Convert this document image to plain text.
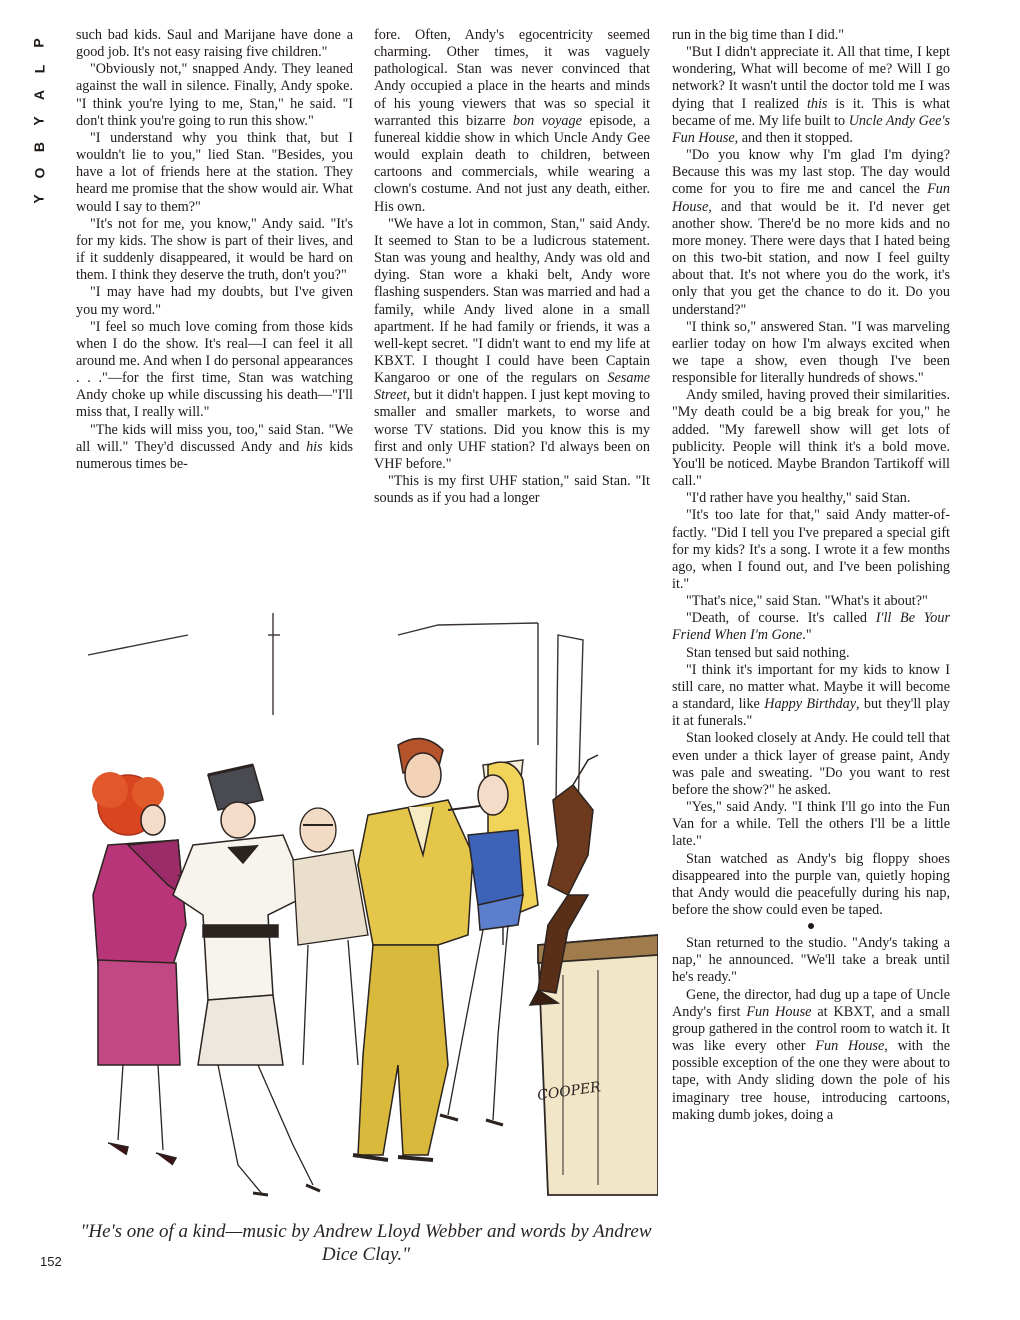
P
L
A
Y
B
O
Y

such bad kids. Saul and Marijane have done a good job. It's not easy raising five children."

"Obviously not," snapped Andy. They leaned against the wall in silence. Finally, Andy spoke. "I think you're lying to me, Stan," he said. "I don't think you're going to run this show."

"I understand why you think that, but I wouldn't lie to you," lied Stan. "Besides, you have a lot of friends here at the station. They heard me promise that the show would air. What would I say to them?"

"It's not for me, you know," Andy said. "It's for my kids. The show is part of their lives, and if it suddenly disappeared, it would be hard on them. I think they deserve the truth, don't you?"

"I may have had my doubts, but I've given you my word."

"I feel so much love coming from those kids when I do the show. It's real—I can feel it all around me. And when I do personal appearances . . ."—for the first time, Stan was watching Andy choke up while discussing his death—"I'll miss that, I really will."

"The kids will miss you, too," said Stan. "We all will." They'd discussed Andy and his kids numerous times be-

fore. Often, Andy's egocentricity seemed charming. Other times, it was vaguely pathological. Stan was never convinced that Andy occupied a place in the hearts and minds of his young viewers that was so special it warranted this bizarre bon voyage episode, a funereal kiddie show in which Uncle Andy Gee would explain death to children, between cartoons and commercials, while wearing a clown's costume. And not just any death, either. His own.

"We have a lot in common, Stan," said Andy. It seemed to Stan to be a ludicrous statement. Stan was young and healthy, Andy was old and dying. Stan wore a khaki belt, Andy wore flashing suspenders. Stan was married and had a family, while Andy lived alone in a small apartment. If he had family or friends, it was a well-kept secret. "I didn't want to end my life at KBXT. I thought I could have been Captain Kangaroo or one of the regulars on Sesame Street, but it didn't happen. I just kept moving to smaller and smaller markets, to worse and worse TV stations. Did you know this is my first and only UHF station? I'd always been on VHF before."

"This is my first UHF station," said Stan. "It sounds as if you had a longer

run in the big time than I did."

"But I didn't appreciate it. All that time, I kept wondering, What will become of me? Will I go network? It wasn't until the doctor told me I was dying that I realized this is it. This is what became of me. My life built to Uncle Andy Gee's Fun House, and then it stopped.

"Do you know why I'm glad I'm dying? Because this was my last stop. The day would come for you to fire me and cancel the Fun House, and that would be it. I'd never get another show. There'd be no more kids and no more money. There were days that I hated being on this two-bit station, and now I feel guilty about that. It's not where you do the work, it's only that you get the chance to do it. Do you understand?"

"I think so," answered Stan. "I was marveling earlier today on how I'm always excited when we tape a show, even though I've been responsible for literally hundreds of shows."

Andy smiled, having proved their similarities. "My death could be a big break for you," he added. "My farewell show will get lots of publicity. People will think it's a bold move. You'll be noticed. Maybe Brandon Tartikoff will call."

"I'd rather have you healthy," said Stan.

"It's too late for that," said Andy matter-of-factly. "Did I tell you I've prepared a special gift for my kids? It's a song. I wrote it a few months ago, when I found out, and I've been polishing it."

"That's nice," said Stan. "What's it about?"

"Death, of course. It's called I'll Be Your Friend When I'm Gone."

Stan tensed but said nothing.

"I think it's important for my kids to know I still care, no matter what. Maybe it will become a standard, like Happy Birthday, but they'll play it at funerals."

Stan looked closely at Andy. He could tell that even under a thick layer of grease paint, Andy was pale and sweating. "Do you want to rest before the show?" he asked.

"Yes," said Andy. "I think I'll go into the Fun Van for a while. Tell the others I'll be a little late."

Stan watched as Andy's big floppy shoes disappeared into the purple van, quietly hoping that Andy would die peacefully during his nap, before the show could even be taped.

Stan returned to the studio. "Andy's taking a nap," he announced. "We'll take a break until he's ready."

Gene, the director, had dug up a tape of Uncle Andy's first Fun House at KBXT, and a small group gathered in the control room to watch it. It was like every other Fun House, with the possible exception of the one they were about to tape, with Andy sliding down the pole of his imaginary tree house, introducing cartoons, making dumb jokes, doing a

COOPER
"He's one of a kind—music by Andrew Lloyd Webber and words by Andrew Dice Clay."
152
